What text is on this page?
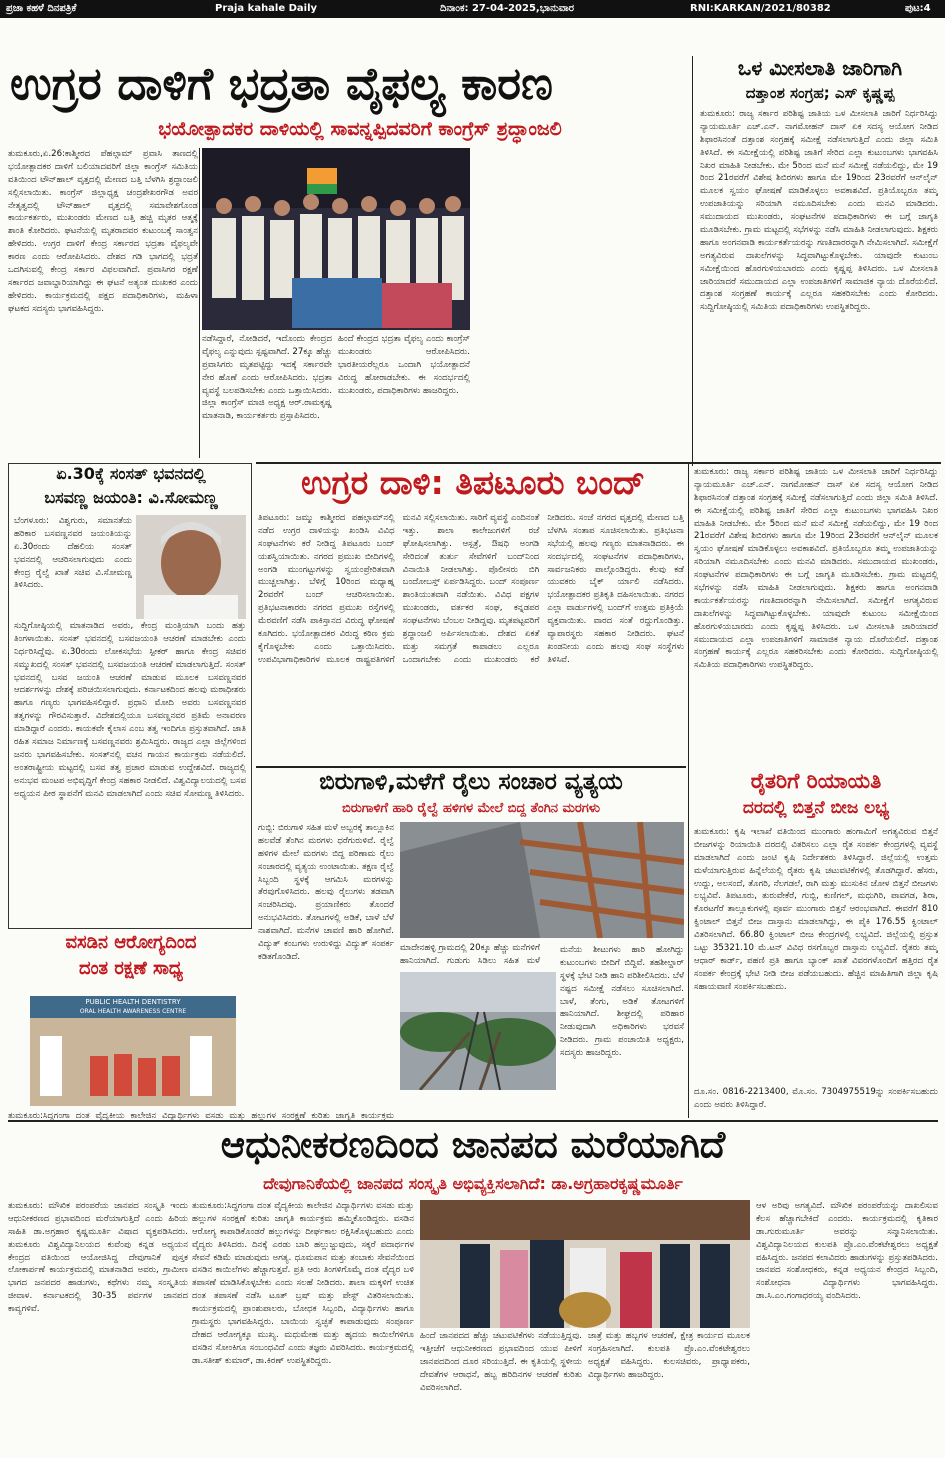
ಪ್ರಜಾ ಕಹಳೆ ದಿನಪತ್ರಿಕೆ	Praja kahale Daily	ದಿನಾಂಕ: 27-04-2025,ಭಾನುವಾರ	RNI:KARKAN/2021/80382	ಪುಟ:4
ಉಗ್ರರ ದಾಳಿಗೆ ಭದ್ರತಾ ವೈಫಲ್ಯ ಕಾರಣ
ಭಯೋತ್ಪಾದಕರ ದಾಳಿಯಲ್ಲಿ ಸಾವನ್ನಪ್ಪಿದವರಿಗೆ ಕಾಂಗ್ರೆಸ್ ಶ್ರದ್ಧಾಂಜಲಿ
ತುಮಕೂರು,ಏ.26:ಕಾಶ್ಮೀರದ ಪೆಹಲ್ಗಾಮ್ ಪ್ರವಾಸಿ ತಾಣದಲ್ಲಿ ಭಯೋತ್ಪಾದಕರ ದಾಳಿಗೆ ಬಲಿಯಾದವರಿಗೆ ಜಿಲ್ಲಾ ಕಾಂಗ್ರೆಸ್ ಸಮಿತಿಯ ವತಿಯಿಂದ ಟೌನ್‌ಹಾಲ್ ವೃತ್ತದಲ್ಲಿ ಮೇಣದ ಬತ್ತಿ ಬೆಳಗಿಸಿ ಶ್ರದ್ಧಾಂಜಲಿ ಸಲ್ಲಿಸಲಾಯಿತು. ಕಾಂಗ್ರೆಸ್ ಜಿಲ್ಲಾಧ್ಯಕ್ಷ ಚಂದ್ರಶೇಖರಗೌಡ ಅವರ ನೇತೃತ್ವದಲ್ಲಿ ಟೌನ್‌ಹಾಲ್ ವೃತ್ತದಲ್ಲಿ ಸಮಾವೇಶಗೊಂಡ ಕಾರ್ಯಕರ್ತರು, ಮುಖಂಡರು ಮೇಣದ ಬತ್ತಿ ಹಚ್ಚಿ ಮೃತರ ಆತ್ಮಕ್ಕೆ ಶಾಂತಿ ಕೋರಿದರು. ಘಟನೆಯಲ್ಲಿ ಮೃತರಾದವರ ಕುಟುಂಬಕ್ಕೆ ಸಾಂತ್ವನ ಹೇಳಿದರು. ಉಗ್ರರ ದಾಳಿಗೆ ಕೇಂದ್ರ ಸರ್ಕಾರದ ಭದ್ರತಾ ವೈಫಲ್ಯವೇ ಕಾರಣ ಎಂದು ಆರೋಪಿಸಿದರು. ದೇಶದ ಗಡಿ ಭಾಗದಲ್ಲಿ ಭದ್ರತೆ ಒದಗಿಸುವಲ್ಲಿ ಕೇಂದ್ರ ಸರ್ಕಾರ ವಿಫಲವಾಗಿದೆ. ಪ್ರವಾಸಿಗರ ರಕ್ಷಣೆ ಸರ್ಕಾರದ ಜವಾಬ್ದಾರಿಯಾಗಿದ್ದು ಈ ಘಟನೆ ಅತ್ಯಂತ ದುಃಖಕರ ಎಂದು ಹೇಳಿದರು. ಕಾರ್ಯಕ್ರಮದಲ್ಲಿ ಪಕ್ಷದ ಪದಾಧಿಕಾರಿಗಳು, ಮಹಿಳಾ ಘಟಕದ ಸದಸ್ಯರು ಭಾಗವಹಿಸಿದ್ದರು.
ನಡೆಸಿದ್ದಾರೆ, ನೋಡಿದರೆ, ಇದೊಂದು ಕೇಂದ್ರದ ವೈಫಲ್ಯ ಎನ್ನುವುದು ಸ್ಪಷ್ಟವಾಗಿದೆ. 27ಕ್ಕೂ ಹೆಚ್ಚು ಪ್ರವಾಸಿಗರು ಮೃತಪಟ್ಟಿದ್ದು ಇದಕ್ಕೆ ಸರ್ಕಾರವೇ ನೇರ ಹೊಣೆ ಎಂದು ಆರೋಪಿಸಿದರು. ಭದ್ರತಾ ವ್ಯವಸ್ಥೆ ಬಲಪಡಿಸಬೇಕು ಎಂದು ಒತ್ತಾಯಿಸಿದರು. ಜಿಲ್ಲಾ ಕಾಂಗ್ರೆಸ್ ಮಾಜಿ ಅಧ್ಯಕ್ಷ ಆರ್.ರಾಮಕೃಷ್ಣ ಮಾತನಾಡಿ, ಕಾರ್ಯಕರ್ತರು ಪ್ರಸ್ತಾಪಿಸಿದರು.
ಹಿಂದೆ ಕೇಂದ್ರದ ಭದ್ರತಾ ವೈಫಲ್ಯ ಎಂದು ಕಾಂಗ್ರೆಸ್ ಮುಖಂಡರು ಆರೋಪಿಸಿದರು. ಭಾರತೀಯರೆಲ್ಲರೂ ಒಂದಾಗಿ ಭಯೋತ್ಪಾದನೆ ವಿರುದ್ಧ ಹೋರಾಡಬೇಕು. ಈ ಸಂದರ್ಭದಲ್ಲಿ ಮುಖಂಡರು, ಪದಾಧಿಕಾರಿಗಳು ಹಾಜರಿದ್ದರು.
ಒಳ ಮೀಸಲಾತಿ ಜಾರಿಗಾಗಿ
ದತ್ತಾಂಶ ಸಂಗ್ರಹ; ಎಸ್ ಕೃಷ್ಣಪ್ಪ
ತುಮಕೂರು: ರಾಜ್ಯ ಸರ್ಕಾರ ಪರಿಶಿಷ್ಟ ಜಾತಿಯ ಒಳ ಮೀಸಲಾತಿ ಜಾರಿಗೆ ನಿರ್ಧರಿಸಿದ್ದು ನ್ಯಾಯಮೂರ್ತಿ ಎಚ್.ಎನ್. ನಾಗಮೋಹನ್ ದಾಸ್ ಏಕ ಸದಸ್ಯ ಆಯೋಗ ನೀಡಿದ ಶಿಫಾರಸಿನಂತೆ ದತ್ತಾಂಶ ಸಂಗ್ರಹಕ್ಕೆ ಸಮೀಕ್ಷೆ ನಡೆಸಲಾಗುತ್ತಿದೆ ಎಂದು ಜಿಲ್ಲಾ ಸಮಿತಿ ತಿಳಿಸಿದೆ. ಈ ಸಮೀಕ್ಷೆಯಲ್ಲಿ ಪರಿಶಿಷ್ಟ ಜಾತಿಗೆ ಸೇರಿದ ಎಲ್ಲಾ ಕುಟುಂಬಗಳು ಭಾಗವಹಿಸಿ ನಿಖರ ಮಾಹಿತಿ ನೀಡಬೇಕು. ಮೇ 5ರಿಂದ ಮನೆ ಮನೆ ಸಮೀಕ್ಷೆ ನಡೆಯಲಿದ್ದು, ಮೇ 19 ರಿಂದ 21ರವರೆಗೆ ವಿಶೇಷ ಶಿಬಿರಗಳು ಹಾಗೂ ಮೇ 19ರಿಂದ 23ರವರೆಗೆ ಆನ್‌ಲೈನ್ ಮೂಲಕ ಸ್ವಯಂ ಘೋಷಣೆ ಮಾಡಿಕೊಳ್ಳಲು ಅವಕಾಶವಿದೆ. ಪ್ರತಿಯೊಬ್ಬರೂ ತಮ್ಮ ಉಪಜಾತಿಯನ್ನು ಸರಿಯಾಗಿ ನಮೂದಿಸಬೇಕು ಎಂದು ಮನವಿ ಮಾಡಿದರು. ಸಮುದಾಯದ ಮುಖಂಡರು, ಸಂಘಟನೆಗಳ ಪದಾಧಿಕಾರಿಗಳು ಈ ಬಗ್ಗೆ ಜಾಗೃತಿ ಮೂಡಿಸಬೇಕು. ಗ್ರಾಮ ಮಟ್ಟದಲ್ಲಿ ಸಭೆಗಳನ್ನು ನಡೆಸಿ ಮಾಹಿತಿ ನೀಡಲಾಗುವುದು. ಶಿಕ್ಷಕರು ಹಾಗೂ ಅಂಗನವಾಡಿ ಕಾರ್ಯಕರ್ತೆಯರನ್ನು ಗಣತಿದಾರರನ್ನಾಗಿ ನೇಮಿಸಲಾಗಿದೆ. ಸಮೀಕ್ಷೆಗೆ ಅಗತ್ಯವಿರುವ ದಾಖಲೆಗಳನ್ನು ಸಿದ್ಧವಾಗಿಟ್ಟುಕೊಳ್ಳಬೇಕು. ಯಾವುದೇ ಕುಟುಂಬ ಸಮೀಕ್ಷೆಯಿಂದ ಹೊರಗುಳಿಯಬಾರದು ಎಂದು ಕೃಷ್ಣಪ್ಪ ತಿಳಿಸಿದರು. ಒಳ ಮೀಸಲಾತಿ ಜಾರಿಯಾದರೆ ಸಮುದಾಯದ ಎಲ್ಲಾ ಉಪಜಾತಿಗಳಿಗೆ ಸಾಮಾಜಿಕ ನ್ಯಾಯ ದೊರೆಯಲಿದೆ. ದತ್ತಾಂಶ ಸಂಗ್ರಹಣೆ ಕಾರ್ಯಕ್ಕೆ ಎಲ್ಲರೂ ಸಹಕರಿಸಬೇಕು ಎಂದು ಕೋರಿದರು. ಸುದ್ದಿಗೋಷ್ಠಿಯಲ್ಲಿ ಸಮಿತಿಯ ಪದಾಧಿಕಾರಿಗಳು ಉಪಸ್ಥಿತರಿದ್ದರು.
ಏ.30ಕ್ಕೆ ಸಂಸತ್ ಭವನದಲ್ಲಿ
ಬಸವಣ್ಣ ಜಯಂತಿ: ವಿ.ಸೋಮಣ್ಣ
ಬೆಂಗಳೂರು: ವಿಶ್ವಗುರು, ಸಮಾನತೆಯ ಹರಿಕಾರ ಬಸವಣ್ಣನವರ ಜಯಂತಿಯನ್ನು ಏ.30ರಂದು ದೆಹಲಿಯ ಸಂಸತ್ ಭವನದಲ್ಲಿ ಆಚರಿಸಲಾಗುವುದು ಎಂದು ಕೇಂದ್ರ ರೈಲ್ವೆ ಖಾತೆ ಸಚಿವ ವಿ.ಸೋಮಣ್ಣ ತಿಳಿಸಿದರು.
ಸುದ್ದಿಗೋಷ್ಠಿಯಲ್ಲಿ ಮಾತನಾಡಿದ ಅವರು, ಕೇಂದ್ರ ಮಂತ್ರಿಯಾಗಿ ಬಂದು ಹತ್ತು ತಿಂಗಳಾಯಿತು. ಸಂಸತ್ ಭವನದಲ್ಲಿ ಬಸವಜಯಂತಿ ಆಚರಣೆ ಮಾಡಬೇಕು ಎಂದು ನಿರ್ಧರಿಸಿದ್ದೆವು. ಏ.30ರಂದು ಲೋಕಸಭೆಯ ಸ್ಪೀಕರ್ ಹಾಗೂ ಕೇಂದ್ರ ಸಚಿವರ ಸಮ್ಮುಖದಲ್ಲಿ ಸಂಸತ್ ಭವನದಲ್ಲಿ ಬಸವಜಯಂತಿ ಆಚರಣೆ ಮಾಡಲಾಗುತ್ತಿದೆ. ಸಂಸತ್ ಭವನದಲ್ಲಿ ಬಸವ ಜಯಂತಿ ಆಚರಣೆ ಮಾಡುವ ಮೂಲಕ ಬಸವಣ್ಣನವರ ಆದರ್ಶಗಳನ್ನು ದೇಶಕ್ಕೆ ಪರಿಚಯಿಸಲಾಗುವುದು. ಕರ್ನಾಟಕದಿಂದ ಹಲವು ಮಠಾಧೀಶರು ಹಾಗೂ ಗಣ್ಯರು ಭಾಗವಹಿಸಲಿದ್ದಾರೆ. ಪ್ರಧಾನಿ ಮೋದಿ ಅವರು ಬಸವಣ್ಣನವರ ತತ್ವಗಳನ್ನು ಗೌರವಿಸುತ್ತಾರೆ. ವಿದೇಶದಲ್ಲಿಯೂ ಬಸವಣ್ಣನವರ ಪ್ರತಿಮೆ ಅನಾವರಣ ಮಾಡಿದ್ದಾರೆ ಎಂದರು. ಕಾಯಕವೇ ಕೈಲಾಸ ಎಂಬ ತತ್ವ ಇಂದಿಗೂ ಪ್ರಸ್ತುತವಾಗಿದೆ. ಜಾತಿ ರಹಿತ ಸಮಾಜ ನಿರ್ಮಾಣಕ್ಕೆ ಬಸವಣ್ಣನವರು ಶ್ರಮಿಸಿದ್ದರು. ರಾಜ್ಯದ ಎಲ್ಲಾ ಜಿಲ್ಲೆಗಳಿಂದ ಜನರು ಭಾಗವಹಿಸಬೇಕು. ಸಂಸತ್‌ನಲ್ಲಿ ವಚನ ಗಾಯನ ಕಾರ್ಯಕ್ರಮ ನಡೆಯಲಿದೆ. ಅಂತರಾಷ್ಟ್ರೀಯ ಮಟ್ಟದಲ್ಲಿ ಬಸವ ತತ್ವ ಪ್ರಚಾರ ಮಾಡುವ ಉದ್ದೇಶವಿದೆ. ರಾಜ್ಯದಲ್ಲಿ ಅನುಭವ ಮಂಟಪ ಅಭಿವೃದ್ಧಿಗೆ ಕೇಂದ್ರ ಸಹಕಾರ ನೀಡಲಿದೆ. ವಿಶ್ವವಿದ್ಯಾಲಯದಲ್ಲಿ ಬಸವ ಅಧ್ಯಯನ ಪೀಠ ಸ್ಥಾಪನೆಗೆ ಮನವಿ ಮಾಡಲಾಗಿದೆ ಎಂದು ಸಚಿವ ಸೋಮಣ್ಣ ತಿಳಿಸಿದರು.
ಉಗ್ರರ ದಾಳಿ: ತಿಪಟೂರು ಬಂದ್
ತಿಪಟೂರು: ಜಮ್ಮು ಕಾಶ್ಮೀರದ ಪಹಲ್ಗಾಮ್‌ನಲ್ಲಿ ನಡೆದ ಉಗ್ರರ ದಾಳಿಯನ್ನು ಖಂಡಿಸಿ ವಿವಿಧ ಸಂಘಟನೆಗಳು ಕರೆ ನೀಡಿದ್ದ ತಿಪಟೂರು ಬಂದ್ ಯಶಸ್ವಿಯಾಯಿತು. ನಗರದ ಪ್ರಮುಖ ಬೀದಿಗಳಲ್ಲಿ ಅಂಗಡಿ ಮುಂಗಟ್ಟುಗಳನ್ನು ಸ್ವಯಂಪ್ರೇರಿತವಾಗಿ ಮುಚ್ಚಲಾಗಿತ್ತು. ಬೆಳಿಗ್ಗೆ 10ರಿಂದ ಮಧ್ಯಾಹ್ನ 2ರವರೆಗೆ ಬಂದ್ ಆಚರಿಸಲಾಯಿತು. ಪ್ರತಿಭಟನಾಕಾರರು ನಗರದ ಪ್ರಮುಖ ರಸ್ತೆಗಳಲ್ಲಿ ಮೆರವಣಿಗೆ ನಡೆಸಿ ಪಾಕಿಸ್ತಾನದ ವಿರುದ್ಧ ಘೋಷಣೆ ಕೂಗಿದರು. ಭಯೋತ್ಪಾದಕರ ವಿರುದ್ಧ ಕಠಿಣ ಕ್ರಮ ಕೈಗೊಳ್ಳಬೇಕು ಎಂದು ಒತ್ತಾಯಿಸಿದರು. ಉಪವಿಭಾಗಾಧಿಕಾರಿಗಳ ಮೂಲಕ ರಾಷ್ಟ್ರಪತಿಗಳಿಗೆ ಮನವಿ ಸಲ್ಲಿಸಲಾಯಿತು. ಸಾರಿಗೆ ವ್ಯವಸ್ಥೆ ಎಂದಿನಂತೆ ಇತ್ತು. ಶಾಲಾ ಕಾಲೇಜುಗಳಿಗೆ ರಜೆ ಘೋಷಿಸಲಾಗಿತ್ತು. ಆಸ್ಪತ್ರೆ, ಔಷಧಿ ಅಂಗಡಿ ಸೇರಿದಂತೆ ತುರ್ತು ಸೇವೆಗಳಿಗೆ ಬಂದ್‌ನಿಂದ ವಿನಾಯಿತಿ ನೀಡಲಾಗಿತ್ತು. ಪೊಲೀಸರು ಬಿಗಿ ಬಂದೋಬಸ್ತ್ ಏರ್ಪಡಿಸಿದ್ದರು. ಬಂದ್ ಸಂಪೂರ್ಣ ಶಾಂತಿಯುತವಾಗಿ ನಡೆಯಿತು. ವಿವಿಧ ಪಕ್ಷಗಳ ಮುಖಂಡರು, ವರ್ತಕರ ಸಂಘ, ಕನ್ನಡಪರ ಸಂಘಟನೆಗಳು ಬೆಂಬಲ ನೀಡಿದ್ದವು. ಮೃತಪಟ್ಟವರಿಗೆ ಶ್ರದ್ಧಾಂಜಲಿ ಅರ್ಪಿಸಲಾಯಿತು. ದೇಶದ ಏಕತೆ ಮತ್ತು ಸಮಗ್ರತೆ ಕಾಪಾಡಲು ಎಲ್ಲರೂ ಒಂದಾಗಬೇಕು ಎಂದು ಮುಖಂಡರು ಕರೆ ನೀಡಿದರು. ಸಂಜೆ ನಗರದ ವೃತ್ತದಲ್ಲಿ ಮೇಣದ ಬತ್ತಿ ಬೆಳಗಿಸಿ ಸಂತಾಪ ಸೂಚಿಸಲಾಯಿತು. ಪ್ರತಿಭಟನಾ ಸಭೆಯಲ್ಲಿ ಹಲವು ಗಣ್ಯರು ಮಾತನಾಡಿದರು. ಈ ಸಂದರ್ಭದಲ್ಲಿ ಸಂಘಟನೆಗಳ ಪದಾಧಿಕಾರಿಗಳು, ಸಾರ್ವಜನಿಕರು ಪಾಲ್ಗೊಂಡಿದ್ದರು. ಕೆಲವು ಕಡೆ ಯುವಕರು ಬೈಕ್ ರ್ಯಾಲಿ ನಡೆಸಿದರು. ಭಯೋತ್ಪಾದಕರ ಪ್ರತಿಕೃತಿ ದಹಿಸಲಾಯಿತು. ನಗರದ ಎಲ್ಲಾ ವಾರ್ಡುಗಳಲ್ಲಿ ಬಂದ್‌ಗೆ ಉತ್ತಮ ಪ್ರತಿಕ್ರಿಯೆ ವ್ಯಕ್ತವಾಯಿತು. ವಾರದ ಸಂತೆ ರದ್ದುಗೊಂಡಿತ್ತು. ವ್ಯಾಪಾರಸ್ಥರು ಸಹಕಾರ ನೀಡಿದರು. ಘಟನೆ ಖಂಡನೀಯ ಎಂದು ಹಲವು ಸಂಘ ಸಂಸ್ಥೆಗಳು ತಿಳಿಸಿವೆ.
ತುಮಕೂರು: ರಾಜ್ಯ ಸರ್ಕಾರ ಪರಿಶಿಷ್ಟ ಜಾತಿಯ ಒಳ ಮೀಸಲಾತಿ ಜಾರಿಗೆ ನಿರ್ಧರಿಸಿದ್ದು ನ್ಯಾಯಮೂರ್ತಿ ಎಚ್.ಎನ್. ನಾಗಮೋಹನ್ ದಾಸ್ ಏಕ ಸದಸ್ಯ ಆಯೋಗ ನೀಡಿದ ಶಿಫಾರಸಿನಂತೆ ದತ್ತಾಂಶ ಸಂಗ್ರಹಕ್ಕೆ ಸಮೀಕ್ಷೆ ನಡೆಸಲಾಗುತ್ತಿದೆ ಎಂದು ಜಿಲ್ಲಾ ಸಮಿತಿ ತಿಳಿಸಿದೆ. ಈ ಸಮೀಕ್ಷೆಯಲ್ಲಿ ಪರಿಶಿಷ್ಟ ಜಾತಿಗೆ ಸೇರಿದ ಎಲ್ಲಾ ಕುಟುಂಬಗಳು ಭಾಗವಹಿಸಿ ನಿಖರ ಮಾಹಿತಿ ನೀಡಬೇಕು. ಮೇ 5ರಿಂದ ಮನೆ ಮನೆ ಸಮೀಕ್ಷೆ ನಡೆಯಲಿದ್ದು, ಮೇ 19 ರಿಂದ 21ರವರೆಗೆ ವಿಶೇಷ ಶಿಬಿರಗಳು ಹಾಗೂ ಮೇ 19ರಿಂದ 23ರವರೆಗೆ ಆನ್‌ಲೈನ್ ಮೂಲಕ ಸ್ವಯಂ ಘೋಷಣೆ ಮಾಡಿಕೊಳ್ಳಲು ಅವಕಾಶವಿದೆ. ಪ್ರತಿಯೊಬ್ಬರೂ ತಮ್ಮ ಉಪಜಾತಿಯನ್ನು ಸರಿಯಾಗಿ ನಮೂದಿಸಬೇಕು ಎಂದು ಮನವಿ ಮಾಡಿದರು. ಸಮುದಾಯದ ಮುಖಂಡರು, ಸಂಘಟನೆಗಳ ಪದಾಧಿಕಾರಿಗಳು ಈ ಬಗ್ಗೆ ಜಾಗೃತಿ ಮೂಡಿಸಬೇಕು. ಗ್ರಾಮ ಮಟ್ಟದಲ್ಲಿ ಸಭೆಗಳನ್ನು ನಡೆಸಿ ಮಾಹಿತಿ ನೀಡಲಾಗುವುದು. ಶಿಕ್ಷಕರು ಹಾಗೂ ಅಂಗನವಾಡಿ ಕಾರ್ಯಕರ್ತೆಯರನ್ನು ಗಣತಿದಾರರನ್ನಾಗಿ ನೇಮಿಸಲಾಗಿದೆ. ಸಮೀಕ್ಷೆಗೆ ಅಗತ್ಯವಿರುವ ದಾಖಲೆಗಳನ್ನು ಸಿದ್ಧವಾಗಿಟ್ಟುಕೊಳ್ಳಬೇಕು. ಯಾವುದೇ ಕುಟುಂಬ ಸಮೀಕ್ಷೆಯಿಂದ ಹೊರಗುಳಿಯಬಾರದು ಎಂದು ಕೃಷ್ಣಪ್ಪ ತಿಳಿಸಿದರು. ಒಳ ಮೀಸಲಾತಿ ಜಾರಿಯಾದರೆ ಸಮುದಾಯದ ಎಲ್ಲಾ ಉಪಜಾತಿಗಳಿಗೆ ಸಾಮಾಜಿಕ ನ್ಯಾಯ ದೊರೆಯಲಿದೆ. ದತ್ತಾಂಶ ಸಂಗ್ರಹಣೆ ಕಾರ್ಯಕ್ಕೆ ಎಲ್ಲರೂ ಸಹಕರಿಸಬೇಕು ಎಂದು ಕೋರಿದರು. ಸುದ್ದಿಗೋಷ್ಠಿಯಲ್ಲಿ ಸಮಿತಿಯ ಪದಾಧಿಕಾರಿಗಳು ಉಪಸ್ಥಿತರಿದ್ದರು.
ಬಿರುಗಾಳಿ,ಮಳೆಗೆ ರೈಲು ಸಂಚಾರ ವ್ಯತ್ಯಯ
ಬಿರುಗಾಳಿಗೆ ಹಾರಿ ರೈಲ್ವೆ ಹಳಿಗಳ ಮೇಲೆ ಬಿದ್ದ ತೆಂಗಿನ ಮರಗಳು
ಗುಬ್ಬಿ: ಬಿರುಗಾಳಿ ಸಹಿತ ಮಳೆ ಅಬ್ಬರಕ್ಕೆ ತಾಲ್ಲೂಕಿನ ಹಲವೆಡೆ ತೆಂಗಿನ ಮರಗಳು ಧರೆಗುರುಳಿವೆ. ರೈಲ್ವೆ ಹಳಿಗಳ ಮೇಲೆ ಮರಗಳು ಬಿದ್ದ ಪರಿಣಾಮ ರೈಲು ಸಂಚಾರದಲ್ಲಿ ವ್ಯತ್ಯಯ ಉಂಟಾಯಿತು. ತಕ್ಷಣ ರೈಲ್ವೆ ಸಿಬ್ಬಂದಿ ಸ್ಥಳಕ್ಕೆ ಆಗಮಿಸಿ ಮರಗಳನ್ನು ತೆರವುಗೊಳಿಸಿದರು. ಹಲವು ರೈಲುಗಳು ತಡವಾಗಿ ಸಂಚರಿಸಿದವು. ಪ್ರಯಾಣಿಕರು ತೊಂದರೆ ಅನುಭವಿಸಿದರು. ತೋಟಗಳಲ್ಲಿ ಅಡಿಕೆ, ಬಾಳೆ ಬೆಳೆ ನಾಶವಾಗಿದೆ. ಮನೆಗಳ ಚಾವಣಿ ಹಾರಿ ಹೋಗಿವೆ. ವಿದ್ಯುತ್ ಕಂಬಗಳು ಉರುಳಿದ್ದು ವಿದ್ಯುತ್ ಸಂಪರ್ಕ ಕಡಿತಗೊಂಡಿದೆ.
ಮಾದೇನಹಳ್ಳಿ ಗ್ರಾಮದಲ್ಲಿ 20ಕ್ಕೂ ಹೆಚ್ಚು ಮನೆಗಳಿಗೆ ಹಾನಿಯಾಗಿದೆ. ಗುಡುಗು ಸಿಡಿಲು ಸಹಿತ ಮಳೆ
ಮನೆಯ ಶೀಟುಗಳು ಹಾರಿ ಹೋಗಿದ್ದು ಕುಟುಂಬಗಳು ಬೀದಿಗೆ ಬಿದ್ದಿವೆ. ತಹಶೀಲ್ದಾರ್ ಸ್ಥಳಕ್ಕೆ ಭೇಟಿ ನೀಡಿ ಹಾನಿ ಪರಿಶೀಲಿಸಿದರು. ಬೆಳೆ ನಷ್ಟದ ಸಮೀಕ್ಷೆ ನಡೆಸಲು ಸೂಚಿಸಲಾಗಿದೆ. ಬಾಳೆ, ತೆಂಗು, ಅಡಿಕೆ ತೋಟಗಳಿಗೆ ಹಾನಿಯಾಗಿದೆ. ಶೀಘ್ರದಲ್ಲಿ ಪರಿಹಾರ ನೀಡುವುದಾಗಿ ಅಧಿಕಾರಿಗಳು ಭರವಸೆ ನೀಡಿದರು. ಗ್ರಾಮ ಪಂಚಾಯಿತಿ ಅಧ್ಯಕ್ಷರು, ಸದಸ್ಯರು ಹಾಜರಿದ್ದರು.
ರೈತರಿಗೆ ರಿಯಾಯತಿ
ದರದಲ್ಲಿ ಬಿತ್ತನೆ ಬೀಜ ಲಭ್ಯ
ತುಮಕೂರು: ಕೃಷಿ ಇಲಾಖೆ ವತಿಯಿಂದ ಮುಂಗಾರು ಹಂಗಾಮಿಗೆ ಅಗತ್ಯವಿರುವ ಬಿತ್ತನೆ ಬೀಜಗಳನ್ನು ರಿಯಾಯಿತಿ ದರದಲ್ಲಿ ವಿತರಿಸಲು ಎಲ್ಲಾ ರೈತ ಸಂಪರ್ಕ ಕೇಂದ್ರಗಳಲ್ಲಿ ವ್ಯವಸ್ಥೆ ಮಾಡಲಾಗಿದೆ ಎಂದು ಜಂಟಿ ಕೃಷಿ ನಿರ್ದೇಶಕರು ತಿಳಿಸಿದ್ದಾರೆ. ಜಿಲ್ಲೆಯಲ್ಲಿ ಉತ್ತಮ ಮಳೆಯಾಗುತ್ತಿರುವ ಹಿನ್ನೆಲೆಯಲ್ಲಿ ರೈತರು ಕೃಷಿ ಚಟುವಟಿಕೆಗಳಲ್ಲಿ ತೊಡಗಿದ್ದಾರೆ. ಹೆಸರು, ಉದ್ದು, ಅಲಸಂದೆ, ತೊಗರಿ, ನೆಲಗಡಲೆ, ರಾಗಿ ಮತ್ತು ಮುಸುಕಿನ ಜೋಳ ಬಿತ್ತನೆ ಬೀಜಗಳು ಲಭ್ಯವಿವೆ. ತಿಪಟೂರು, ತುರುವೇಕೆರೆ, ಗುಬ್ಬಿ, ಕುಣಿಗಲ್, ಮಧುಗಿರಿ, ಪಾವಗಡ, ಶಿರಾ, ಕೊರಟಗೆರೆ ತಾಲ್ಲೂಕುಗಳಲ್ಲಿ ಪೂರ್ವ ಮುಂಗಾರು ಬಿತ್ತನೆ ಆರಂಭವಾಗಿದೆ. ಈವರೆಗೆ 810 ಕ್ವಿಂಟಾಲ್ ಬಿತ್ತನೆ ಬೀಜ ದಾಸ್ತಾನು ಮಾಡಲಾಗಿದ್ದು, ಈ ಪೈಕಿ 176.55 ಕ್ವಿಂಟಾಲ್ ವಿತರಿಸಲಾಗಿದೆ. 66.80 ಕ್ವಿಂಟಾಲ್ ಬೀಜ ಕೇಂದ್ರಗಳಲ್ಲಿ ಲಭ್ಯವಿದೆ. ಜಿಲ್ಲೆಯಲ್ಲಿ ಪ್ರಸ್ತುತ ಒಟ್ಟು 35321.10 ಮೆ.ಟನ್ ವಿವಿಧ ರಸಗೊಬ್ಬರ ದಾಸ್ತಾನು ಲಭ್ಯವಿದೆ. ರೈತರು ತಮ್ಮ ಆಧಾರ್ ಕಾರ್ಡ್, ಪಹಣಿ ಪ್ರತಿ ಹಾಗೂ ಬ್ಯಾಂಕ್ ಖಾತೆ ವಿವರಗಳೊಂದಿಗೆ ಹತ್ತಿರದ ರೈತ ಸಂಪರ್ಕ ಕೇಂದ್ರಕ್ಕೆ ಭೇಟಿ ನೀಡಿ ಬೀಜ ಪಡೆಯಬಹುದು. ಹೆಚ್ಚಿನ ಮಾಹಿತಿಗಾಗಿ ಜಿಲ್ಲಾ ಕೃಷಿ ಸಹಾಯವಾಣಿ ಸಂಪರ್ಕಿಸಬಹುದು.
ದೂ.ಸಂ. 0816-2213400, ಮೊ.ಸಂ. 7304975519ನ್ನು ಸಂಪರ್ಕಿಸಬಹುದು ಎಂದು ಅವರು ತಿಳಿಸಿದ್ದಾರೆ.
ವಸಡಿನ ಆರೋಗ್ಯದಿಂದ
ದಂತ ರಕ್ಷಣೆ ಸಾಧ್ಯ
PUBLIC HEALTH DENTISTRY
ORAL HEALTH AWARENESS CENTRE
ತುಮಕೂರು:ಸಿದ್ಧಗಂಗಾ ದಂತ ವೈದ್ಯಕೀಯ ಕಾಲೇಜಿನ ವಿದ್ಯಾರ್ಥಿಗಳು ವಸಡು ಮತ್ತು ಹಲ್ಲುಗಳ ಸಂರಕ್ಷಣೆ ಕುರಿತು ಜಾಗೃತಿ ಕಾರ್ಯಕ್ರಮ
ಆಧುನೀಕರಣದಿಂದ ಜಾನಪದ ಮರೆಯಾಗಿದೆ
ದೇವುಗಾನಿಕೆಯಲ್ಲಿ ಜಾನಪದ ಸಂಸ್ಕೃತಿ ಅಭಿವ್ಯಕ್ತಿಸಲಾಗಿದೆ: ಡಾ.ಅಗ್ರಹಾರಕೃಷ್ಣಮೂರ್ತಿ
ತುಮಕೂರು: ಮೌಖಿಕ ಪರಂಪರೆಯ ಜಾನಪದ ಸಂಸ್ಕೃತಿ ಇಂದು ಆಧುನೀಕರಣದ ಪ್ರಭಾವದಿಂದ ಮರೆಯಾಗುತ್ತಿದೆ ಎಂದು ಹಿರಿಯ ಸಾಹಿತಿ ಡಾ.ಅಗ್ರಹಾರ ಕೃಷ್ಣಮೂರ್ತಿ ವಿಷಾದ ವ್ಯಕ್ತಪಡಿಸಿದರು. ತುಮಕೂರು ವಿಶ್ವವಿದ್ಯಾನಿಲಯದ ಕುವೆಂಪು ಕನ್ನಡ ಅಧ್ಯಯನ ಕೇಂದ್ರದ ವತಿಯಿಂದ ಆಯೋಜಿಸಿದ್ದ ದೇವುಗಾನಿಕೆ ಪುಸ್ತಕ ಲೋಕಾರ್ಪಣೆ ಕಾರ್ಯಕ್ರಮದಲ್ಲಿ ಮಾತನಾಡಿದ ಅವರು, ಗ್ರಾಮೀಣ ಭಾಗದ ಜನಪದರ ಹಾಡುಗಳು, ಕಥೆಗಳು ನಮ್ಮ ಸಂಸ್ಕೃತಿಯ ಜೀವಾಳ. ಕರ್ನಾಟಕದಲ್ಲಿ 30-35 ಪರ್ವಗಳ ಜಾನಪದ ಕಾವ್ಯಗಳಿವೆ.
ತುಮಕೂರು:ಸಿದ್ಧಗಂಗಾ ದಂತ ವೈದ್ಯಕೀಯ ಕಾಲೇಜಿನ ವಿದ್ಯಾರ್ಥಿಗಳು ವಸಡು ಮತ್ತು ಹಲ್ಲುಗಳ ಸಂರಕ್ಷಣೆ ಕುರಿತು ಜಾಗೃತಿ ಕಾರ್ಯಕ್ರಮ ಹಮ್ಮಿಕೊಂಡಿದ್ದರು. ವಸಡಿನ ಆರೋಗ್ಯ ಕಾಪಾಡಿಕೊಂಡರೆ ಹಲ್ಲುಗಳನ್ನು ದೀರ್ಘಕಾಲ ರಕ್ಷಿಸಿಕೊಳ್ಳಬಹುದು ಎಂದು ವೈದ್ಯರು ತಿಳಿಸಿದರು. ದಿನಕ್ಕೆ ಎರಡು ಬಾರಿ ಹಲ್ಲುಜ್ಜುವುದು, ಸಕ್ಕರೆ ಪದಾರ್ಥಗಳ ಸೇವನೆ ಕಡಿಮೆ ಮಾಡುವುದು ಅಗತ್ಯ. ಧೂಮಪಾನ ಮತ್ತು ತಂಬಾಕು ಸೇವನೆಯಿಂದ ವಸಡಿನ ಕಾಯಿಲೆಗಳು ಹೆಚ್ಚಾಗುತ್ತವೆ. ಪ್ರತಿ ಆರು ತಿಂಗಳಿಗೊಮ್ಮೆ ದಂತ ವೈದ್ಯರ ಬಳಿ ತಪಾಸಣೆ ಮಾಡಿಸಿಕೊಳ್ಳಬೇಕು ಎಂದು ಸಲಹೆ ನೀಡಿದರು. ಶಾಲಾ ಮಕ್ಕಳಿಗೆ ಉಚಿತ ದಂತ ತಪಾಸಣೆ ನಡೆಸಿ ಟೂತ್ ಬ್ರಷ್ ಮತ್ತು ಪೇಸ್ಟ್ ವಿತರಿಸಲಾಯಿತು. ಕಾರ್ಯಕ್ರಮದಲ್ಲಿ ಪ್ರಾಂಶುಪಾಲರು, ಬೋಧಕ ಸಿಬ್ಬಂದಿ, ವಿದ್ಯಾರ್ಥಿಗಳು ಹಾಗೂ ಗ್ರಾಮಸ್ಥರು ಭಾಗವಹಿಸಿದ್ದರು. ಬಾಯಿಯ ಸ್ವಚ್ಛತೆ ಕಾಪಾಡುವುದು ಸಂಪೂರ್ಣ ದೇಹದ ಆರೋಗ್ಯಕ್ಕೂ ಮುಖ್ಯ. ಮಧುಮೇಹ ಮತ್ತು ಹೃದಯ ಕಾಯಿಲೆಗಳಿಗೂ ವಸಡಿನ ಸೋಂಕಿಗೂ ಸಂಬಂಧವಿದೆ ಎಂದು ತಜ್ಞರು ವಿವರಿಸಿದರು. ಕಾರ್ಯಕ್ರಮದಲ್ಲಿ ಡಾ.ಸತೀಶ್ ಕುಮಾರ್, ಡಾ.ಕಿರಣ್ ಉಪಸ್ಥಿತರಿದ್ದರು.
ಹಿಂದೆ ಜಾನಪದದ ಹೆಚ್ಚು ಚಟುವಟಿಕೆಗಳು ನಡೆಯುತ್ತಿದ್ದವು. ಇತ್ತೀಚೆಗೆ ಆಧುನೀಕರಣದ ಪ್ರಭಾವದಿಂದ ಯುವ ಪೀಳಿಗೆ ಜಾನಪದದಿಂದ ದೂರ ಸರಿಯುತ್ತಿದೆ. ಈ ಕೃತಿಯಲ್ಲಿ ಸ್ಥಳೀಯ ದೇವತೆಗಳ ಆರಾಧನೆ, ಹಬ್ಬ ಹರಿದಿನಗಳ ಆಚರಣೆ ಕುರಿತು ವಿವರಿಸಲಾಗಿದೆ.
ಜಾತ್ರೆ ಮತ್ತು ಹಬ್ಬಗಳ ಆಚರಣೆ, ಕ್ಷೇತ್ರ ಕಾರ್ಯದ ಮೂಲಕ ಸಂಗ್ರಹಿಸಲಾಗಿದೆ. ಕುಲಪತಿ ಪ್ರೊ.ಎಂ.ವೆಂಕಟೇಶ್ವರಲು ಅಧ್ಯಕ್ಷತೆ ವಹಿಸಿದ್ದರು. ಕುಲಸಚಿವರು, ಪ್ರಾಧ್ಯಾಪಕರು, ವಿದ್ಯಾರ್ಥಿಗಳು ಹಾಜರಿದ್ದರು.
ಆಳ ಅರಿವು ಅಗತ್ಯವಿದೆ. ಮೌಖಿಕ ಪರಂಪರೆಯನ್ನು ದಾಖಲಿಸುವ ಕೆಲಸ ಹೆಚ್ಚಾಗಬೇಕಿದೆ ಎಂದರು. ಕಾರ್ಯಕ್ರಮದಲ್ಲಿ ಕೃತಿಕಾರ ಡಾ.ಗುರುಮೂರ್ತಿ ಅವರನ್ನು ಸನ್ಮಾನಿಸಲಾಯಿತು. ವಿಶ್ವವಿದ್ಯಾನಿಲಯದ ಕುಲಪತಿ ಪ್ರೊ.ಎಂ.ವೆಂಕಟೇಶ್ವರಲು ಅಧ್ಯಕ್ಷತೆ ವಹಿಸಿದ್ದರು. ಜನಪದ ಕಲಾವಿದರು ಹಾಡುಗಳನ್ನು ಪ್ರಸ್ತುತಪಡಿಸಿದರು. ಜಾನಪದ ಸಂಶೋಧಕರು, ಕನ್ನಡ ಅಧ್ಯಯನ ಕೇಂದ್ರದ ಸಿಬ್ಬಂದಿ, ಸಂಶೋಧನಾ ವಿದ್ಯಾರ್ಥಿಗಳು ಭಾಗವಹಿಸಿದ್ದರು. ಡಾ.ಸಿ.ಎಂ.ಗಂಗಾಧರಯ್ಯ ವಂದಿಸಿದರು.
